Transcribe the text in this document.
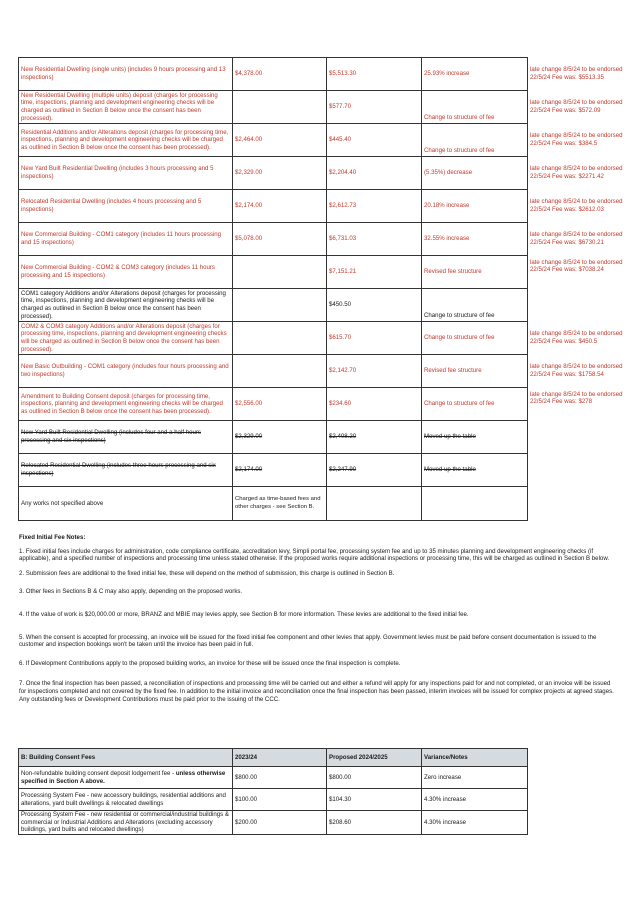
New Residential Dwelling (single units) (includes 9 hours processing and 13 inspections)	$4,378.00	$5,513.30	25.93% increase	late change 8/5/24 to be endorsed 22/5/24 Fee was: $5513.35
New Residential Dwelling (multiple units) deposit (charges for processing time, inspections, planning and development engineering checks will be charged as outlined in Section B below once the consent has been processed).		$577.70	Change to structure of fee	late change 8/5/24 to be endorsed 22/5/24 Fee was: $572.09
Residential Additions and/or Alterations deposit (charges for processing time, inspections, planning and development engineering checks will be charged as outlined in Section B below once the consent has been processed).	$2,464.00	$445.40	Change to structure of fee	late change 8/5/24 to be endorsed 22/5/24 Fee was: $384.5
New Yard Built Residential Dwelling (includes 3 hours processing and 5 inspections)	$2,329.00	$2,204.40	(5.35%) decrease	late change 8/5/24 to be endorsed 22/5/24 Fee was: $2271.42
Relocated Residential Dwelling (includes 4 hours processing and 5 inspections)	$2,174.00	$2,612.73	20.18% increase	late change 8/5/24 to be endorsed 22/5/24 Fee was: $2612.03
New Commercial Building - COM1 category (includes 11 hours processing and 15 inspections)	$5,078.00	$6,731.03	32.55% increase	late change 8/5/24 to be endorsed 22/5/24 Fee was: $6730.21
New Commercial Building - COM2 & COM3 category (includes 11 hours processing and 15 inspections)		$7,151.21	Revised fee structure	late change 8/5/24 to be endorsed 22/5/24 Fee was: $7038.24
COM1 category Additions and/or Alterations deposit (charges for processing time, inspections, planning and development engineering checks will be charged as outlined in Section B below once the consent has been processed).		$450.50	Change to structure of fee	
COM2 & COM3 category Additions and/or Alterations deposit (charges for processing time, inspections, planning and development engineering checks will be charged as outlined in Section B below once the consent has been processed).		$615.70	Change to structure of fee	late change 8/5/24 to be endorsed 22/5/24 Fee was: $450.5
New Basic Outbuilding - COM1 category (includes four hours processing and two inspections)		$2,142.70	Revised fee structure	late change 8/5/24 to be endorsed 22/5/24 Fee was: $1758.54
Amendment to Building Consent deposit (charges for processing time, inspections, planning and development engineering checks will be charged as outlined in Section B below once the consent has been processed).	$2,556.00	$234.60	Change to structure of fee	late change 8/5/24 to be endorsed 22/5/24 Fee was: $278
New Yard Built Residential Dwelling (includes four and a half hours processing and six inspections)	$2,329.00	$2,408.20	Moved up the table	
Relocated Residential Dwelling (includes three hours processing and six inspections)	$2,174.00	$2,247.90	Moved up the table	
Any works not specified above	Charged as time-based fees and other charges - see Section B.			

Fixed Initial Fee Notes:

1. Fixed initial fees include charges for administration, code compliance certificate, accreditation levy, Simpli portal fee, processing system fee and up to 35 minutes planning and development engineering checks (if applicable), and a specified number of inspections and processing time unless stated otherwise. If the proposed works require additional inspections or processing time, this will be charged as outlined in Section B below.

2. Submission fees are additional to the fixed initial fee, these will depend on the method of submission, this charge is outlined in Section B.

3. Other fees in Sections B & C may also apply, depending on the proposed works.

4. If the value of work is $20,000.00 or more, BRANZ and MBIE may levies apply, see Section B for more information. These levies are additional to the fixed initial fee.

5. When the consent is accepted for processing, an invoice will be issued for the fixed initial fee component and other levies that apply. Government levies must be paid before consent documentation is issued to the customer and inspection bookings won't be taken until the invoice has been paid in full.

6. If Development Contributions apply to the proposed building works, an invoice for these will be issued once the final inspection is complete.

7. Once the final inspection has been passed, a reconciliation of inspections and processing time will be carried out and either a refund will apply for any inspections paid for and not completed, or an invoice will be issued for inspections completed and not covered by the fixed fee. In addition to the initial invoice and reconciliation once the final inspection has been passed, interim invoices will be issued for complex projects at agreed stages. Any outstanding fees or Development Contributions must be paid prior to the issuing of the CCC.

B: Building Consent Fees	2023/24	Proposed 2024/2025	Variance/Notes
Non-refundable building consent deposit lodgement fee - unless otherwise specified in Section A above.	$800.00	$800.00	Zero increase
Processing System Fee - new accessory buildings, residential additions and alterations, yard built dwellings & relocated dwellings	$100.00	$104.30	4.30% increase
Processing System Fee - new residential or commercial/industrial buildings & commercial or Industrial Additions and Alterations (excluding accessory buildings, yard builts and relocated dwellings)	$200.00	$208.60	4.30% increase
